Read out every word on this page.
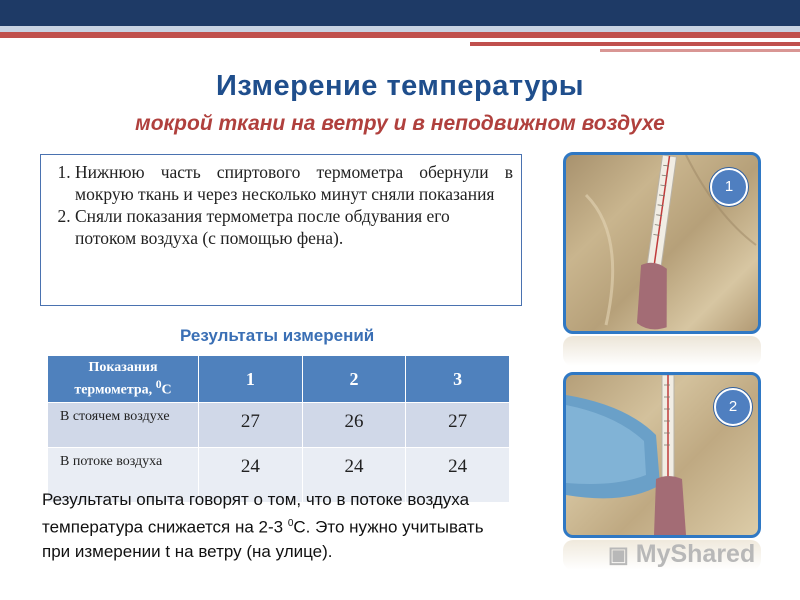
Измерение температуры
мокрой ткани на ветру и в неподвижном воздухе
1. Нижнюю часть спиртового термометра обернули в мокрую ткань и через несколько минут сняли показания
2. Сняли показания термометра после обдувания его потоком воздуха (с помощью фена).
Результаты измерений
Показания
термометра, $^0$С	1	2	3
В стоячем воздухе	27	26	27
В потоке воздуха	24	24	24
Результаты опыта говорят о том, что в потоке воздуха температура снижается на 2-3 $^0$С. Это нужно учитывать при измерении t на ветру (на улице).
1
2
▣ MyShared
